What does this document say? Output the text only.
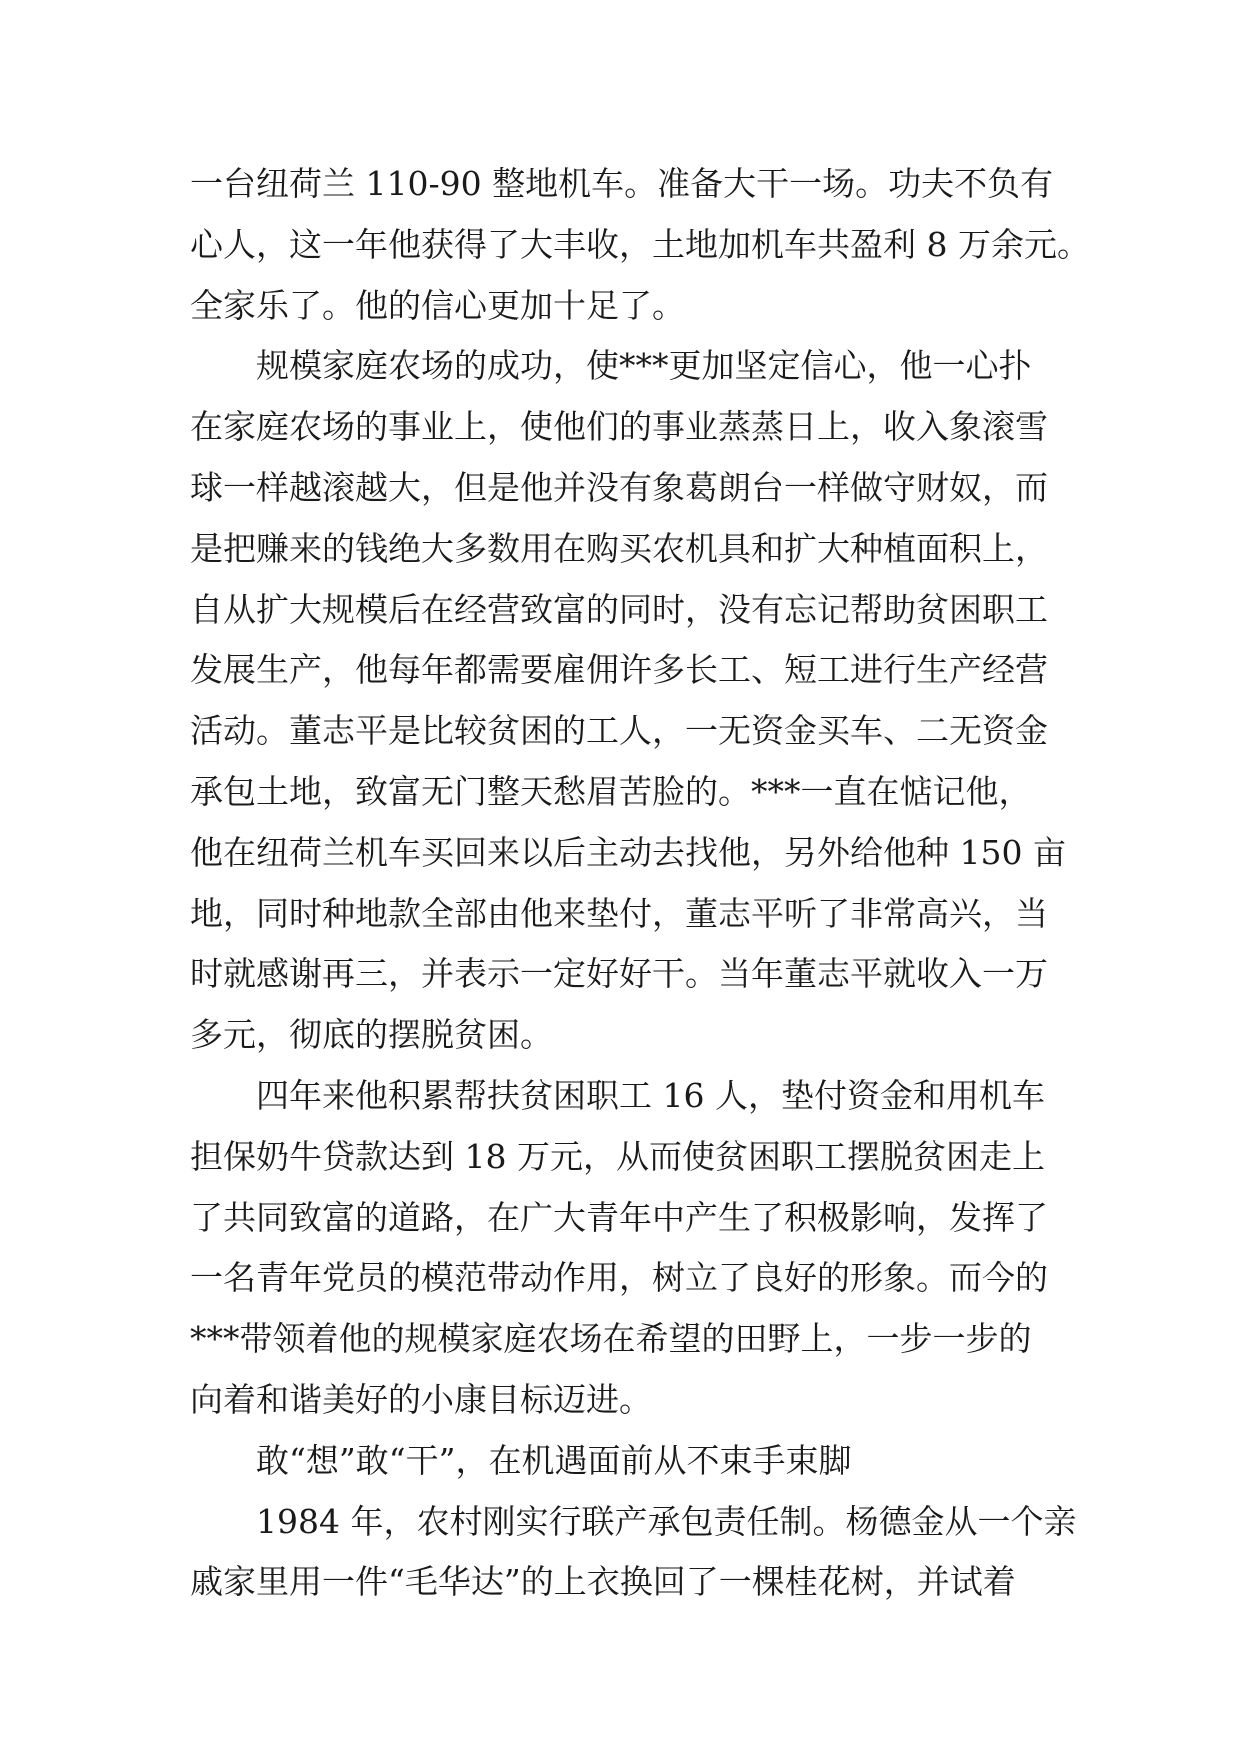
一台纽荷兰 110-90 整地机车。准备大干一场。功夫不负有
心人，这一年他获得了大丰收，土地加机车共盈利 8 万余元。
全家乐了。他的信心更加十足了。
规模家庭农场的成功，使***更加坚定信心，他一心扑
在家庭农场的事业上，使他们的事业蒸蒸日上，收入象滚雪
球一样越滚越大，但是他并没有象葛朗台一样做守财奴，而
是把赚来的钱绝大多数用在购买农机具和扩大种植面积上，
自从扩大规模后在经营致富的同时，没有忘记帮助贫困职工
发展生产，他每年都需要雇佣许多长工、短工进行生产经营
活动。董志平是比较贫困的工人，一无资金买车、二无资金
承包土地，致富无门整天愁眉苦脸的。***一直在惦记他，
他在纽荷兰机车买回来以后主动去找他，另外给他种 150 亩
地，同时种地款全部由他来垫付，董志平听了非常高兴，当
时就感谢再三，并表示一定好好干。当年董志平就收入一万
多元，彻底的摆脱贫困。
四年来他积累帮扶贫困职工 16 人，垫付资金和用机车
担保奶牛贷款达到 18 万元，从而使贫困职工摆脱贫困走上
了共同致富的道路，在广大青年中产生了积极影响，发挥了
一名青年党员的模范带动作用，树立了良好的形象。而今的
***带领着他的规模家庭农场在希望的田野上，一步一步的
向着和谐美好的小康目标迈进。
敢“想”敢“干”，在机遇面前从不束手束脚
1984 年，农村刚实行联产承包责任制。杨德金从一个亲
戚家里用一件“毛华达”的上衣换回了一棵桂花树，并试着
